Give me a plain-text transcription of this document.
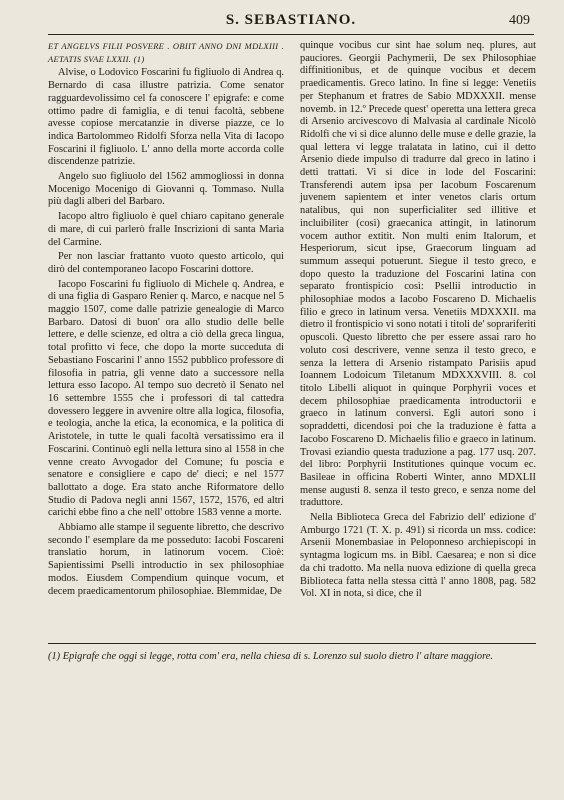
S. SEBASTIANO.	409

ET ANGELVS FILII POSVERE . OBIIT ANNO DNI MDLXIII . AETATIS SVAE LXXII. (1)

Alvise, o Lodovico Foscarini fu figliuolo di Andrea q. Bernardo di casa illustre patrizia. Come senator ragguardevolissimo cel fa conoscere l' epigrafe: e come ottimo padre di famiglia, e di tenui facoltà, sebbene avesse copiose mercatanzie in diverse piazze, ce lo indica Bartolommeo Ridolfi Sforza nella Vita di Iacopo Foscarini il figliuolo. L' anno della morte accorda colle discendenze patrizie.

Angelo suo figliuolo del 1562 ammogliossi in donna Mocenigo Mocenigo di Giovanni q. Tommaso. Nulla più dagli alberi del Barbaro.

Iacopo altro figliuolo è quel chiaro capitano generale di mare, di cui parlerò fralle Inscrizioni di santa Maria del Carmine.

Per non lasciar frattanto vuoto questo articolo, qui dirò del contemporaneo Iacopo Foscarini dottore.

Iacopo Foscarini fu figliuolo di Michele q. Andrea, e di una figlia di Gasparo Renier q. Marco, e nacque nel 5 maggio 1507, come dalle patrizie genealogie di Marco Barbaro. Datosi di buon' ora allo studio delle belle lettere, e delle scienze, ed oltra a ciò della greca lingua, total profitto vi fece, che dopo la morte succeduta di Sebastiano Foscarini l' anno 1552 pubblico professore di filosofia in patria, gli venne dato a successore nella lettura esso Iacopo. Al tempo suo decretò il Senato nel 16 settembre 1555 che i professori di tal cattedra dovessero leggere in avvenire oltre alla logica, filosofia, e teologia, anche la etica, la economica, e la politica di Aristotele, in tutte le quali facoltà versatissimo era il Foscarini. Continuò egli nella lettura sino al 1558 in che venne creato Avvogador del Comune; fu poscia e senatore e consigliere e capo de' dieci; e nel 1577 ballottato a doge. Era stato anche Riformatore dello Studio di Padova negli anni 1567, 1572, 1576, ed altri carichi ebbe fino a che nell' ottobre 1583 venne a morte.

Abbiamo alle stampe il seguente libretto, che descrivo secondo l' esemplare da me posseduto: Iacobi Foscareni translatio horum, in latinorum vocem. Cioè: Sapientissimi Pselli introductio in sex philosophiae modos. Eiusdem Compendium quinque vocum, et decem praedicamentorum philosophiae. Blemmidae, De

quinque vocibus cur sint hae solum neq. plures, aut pauciores. Georgii Pachymerii, De sex Philosophiae diffinitionibus, et de quinque vocibus et decem praedicamentis. Greco latino. In fine si legge: Venetiis per Stephanum et fratres de Sabio MDXXXII. mense novemb. in 12.º Precede quest' operetta una lettera greca di Arsenio arcivescovo di Malvasia al cardinale Nicolò Ridolfi che vi si dice alunno delle muse e delle grazie, la qual lettera vi legge tralatata in latino, cui il detto Arsenio diede impulso di tradurre dal greco in latino i detti trattati. Vi si dice in lode del Foscarini: Transferendi autem ipsa per Iacobum Foscarenum juvenem sapientem et inter venetos claris ortum natalibus, qui non superficialiter sed illitive et incluibiliter (così) graecanica attingit, in latinorum vocem author extitit. Non multi enim Italorum, et Hesperiorum, sicut ipse, Graecorum linguam ad summum assequi potuerunt. Siegue il testo greco, e dopo questo la traduzione del Foscarini latina con separato frontispicio così: Psellii introductio in philosophiae modos a Iacobo Foscareno D. Michaelis filio e greco in latinum versa. Venetiis MDXXXII. ma dietro il frontispicio vi sono notati i titoli de' soprariferiti opuscoli. Questo libretto che per essere assai raro ho voluto così descrivere, venne senza il testo greco, e senza la lettera di Arsenio ristampato Parisiis apud Ioannem Lodoicum Tiletanum MDXXXVIII. 8. col titolo Libelli aliquot in quinque Porphyrii voces et decem philosophiae praedicamenta introductorii e graeco in latinum conversi. Egli autori sono i sopraddetti, dicendosi poi che la traduzione è fatta a Iacobo Foscareno D. Michaelis filio e graeco in latinum. Trovasi eziandio questa traduzione a pag. 177 usq. 207. del libro: Porphyrii Institutiones quinque vocum ec. Basileae in officina Roberti Winter, anno MDXLII mense augusti 8. senza il testo greco, e senza nome del traduttore.

Nella Biblioteca Greca del Fabrizio dell' edizione d' Amburgo 1721 (T. X. p. 491) si ricorda un mss. codice: Arsenii Monembasiae in Peloponneso archiepiscopi in syntagma logicum ms. in Bibl. Caesarea; e non si dice da chi tradotto. Ma nella nuova edizione di quella greca Biblioteca fatta nella stessa città l' anno 1808, pag. 582 Vol. XI in nota, si dice, che il

(1) Epigrafe che oggi si legge, rotta com' era, nella chiesa di s. Lorenzo sul suolo dietro l' altare maggiore.
